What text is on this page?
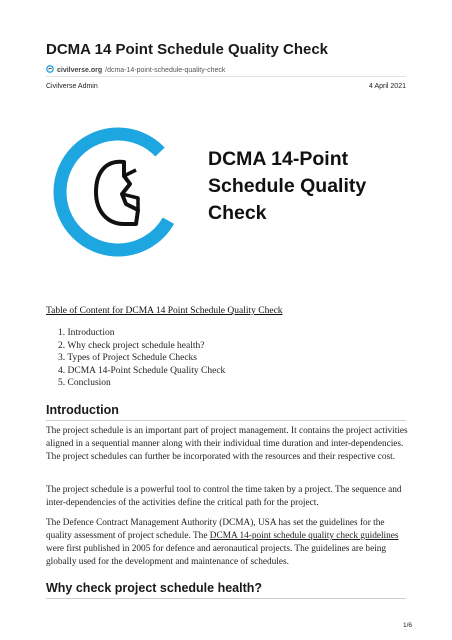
DCMA 14 Point Schedule Quality Check
civilverse.org /dcma-14-point-schedule-quality-check
Civilverse Admin	4 April 2021
DCMA 14-Point
Schedule Quality
Check
Table of Content for DCMA 14 Point Schedule Quality Check
1. Introduction
2. Why check project schedule health?
3. Types of Project Schedule Checks
4. DCMA 14-Point Schedule Quality Check
5. Conclusion
Introduction

The project schedule is an important part of project management. It contains the project activities aligned in a sequential manner along with their individual time duration and inter-dependencies. The project schedules can further be incorporated with the resources and their respective cost.

The project schedule is a powerful tool to control the time taken by a project. The sequence and inter-dependencies of the activities define the critical path for the project.

The Defence Contract Management Authority (DCMA), USA has set the guidelines for the quality assessment of project schedule. The DCMA 14-point schedule quality check guidelines were first published in 2005 for defence and aeronautical projects. The guidelines are being globally used for the development and maintenance of schedules.

Why check project schedule health?
1/6
